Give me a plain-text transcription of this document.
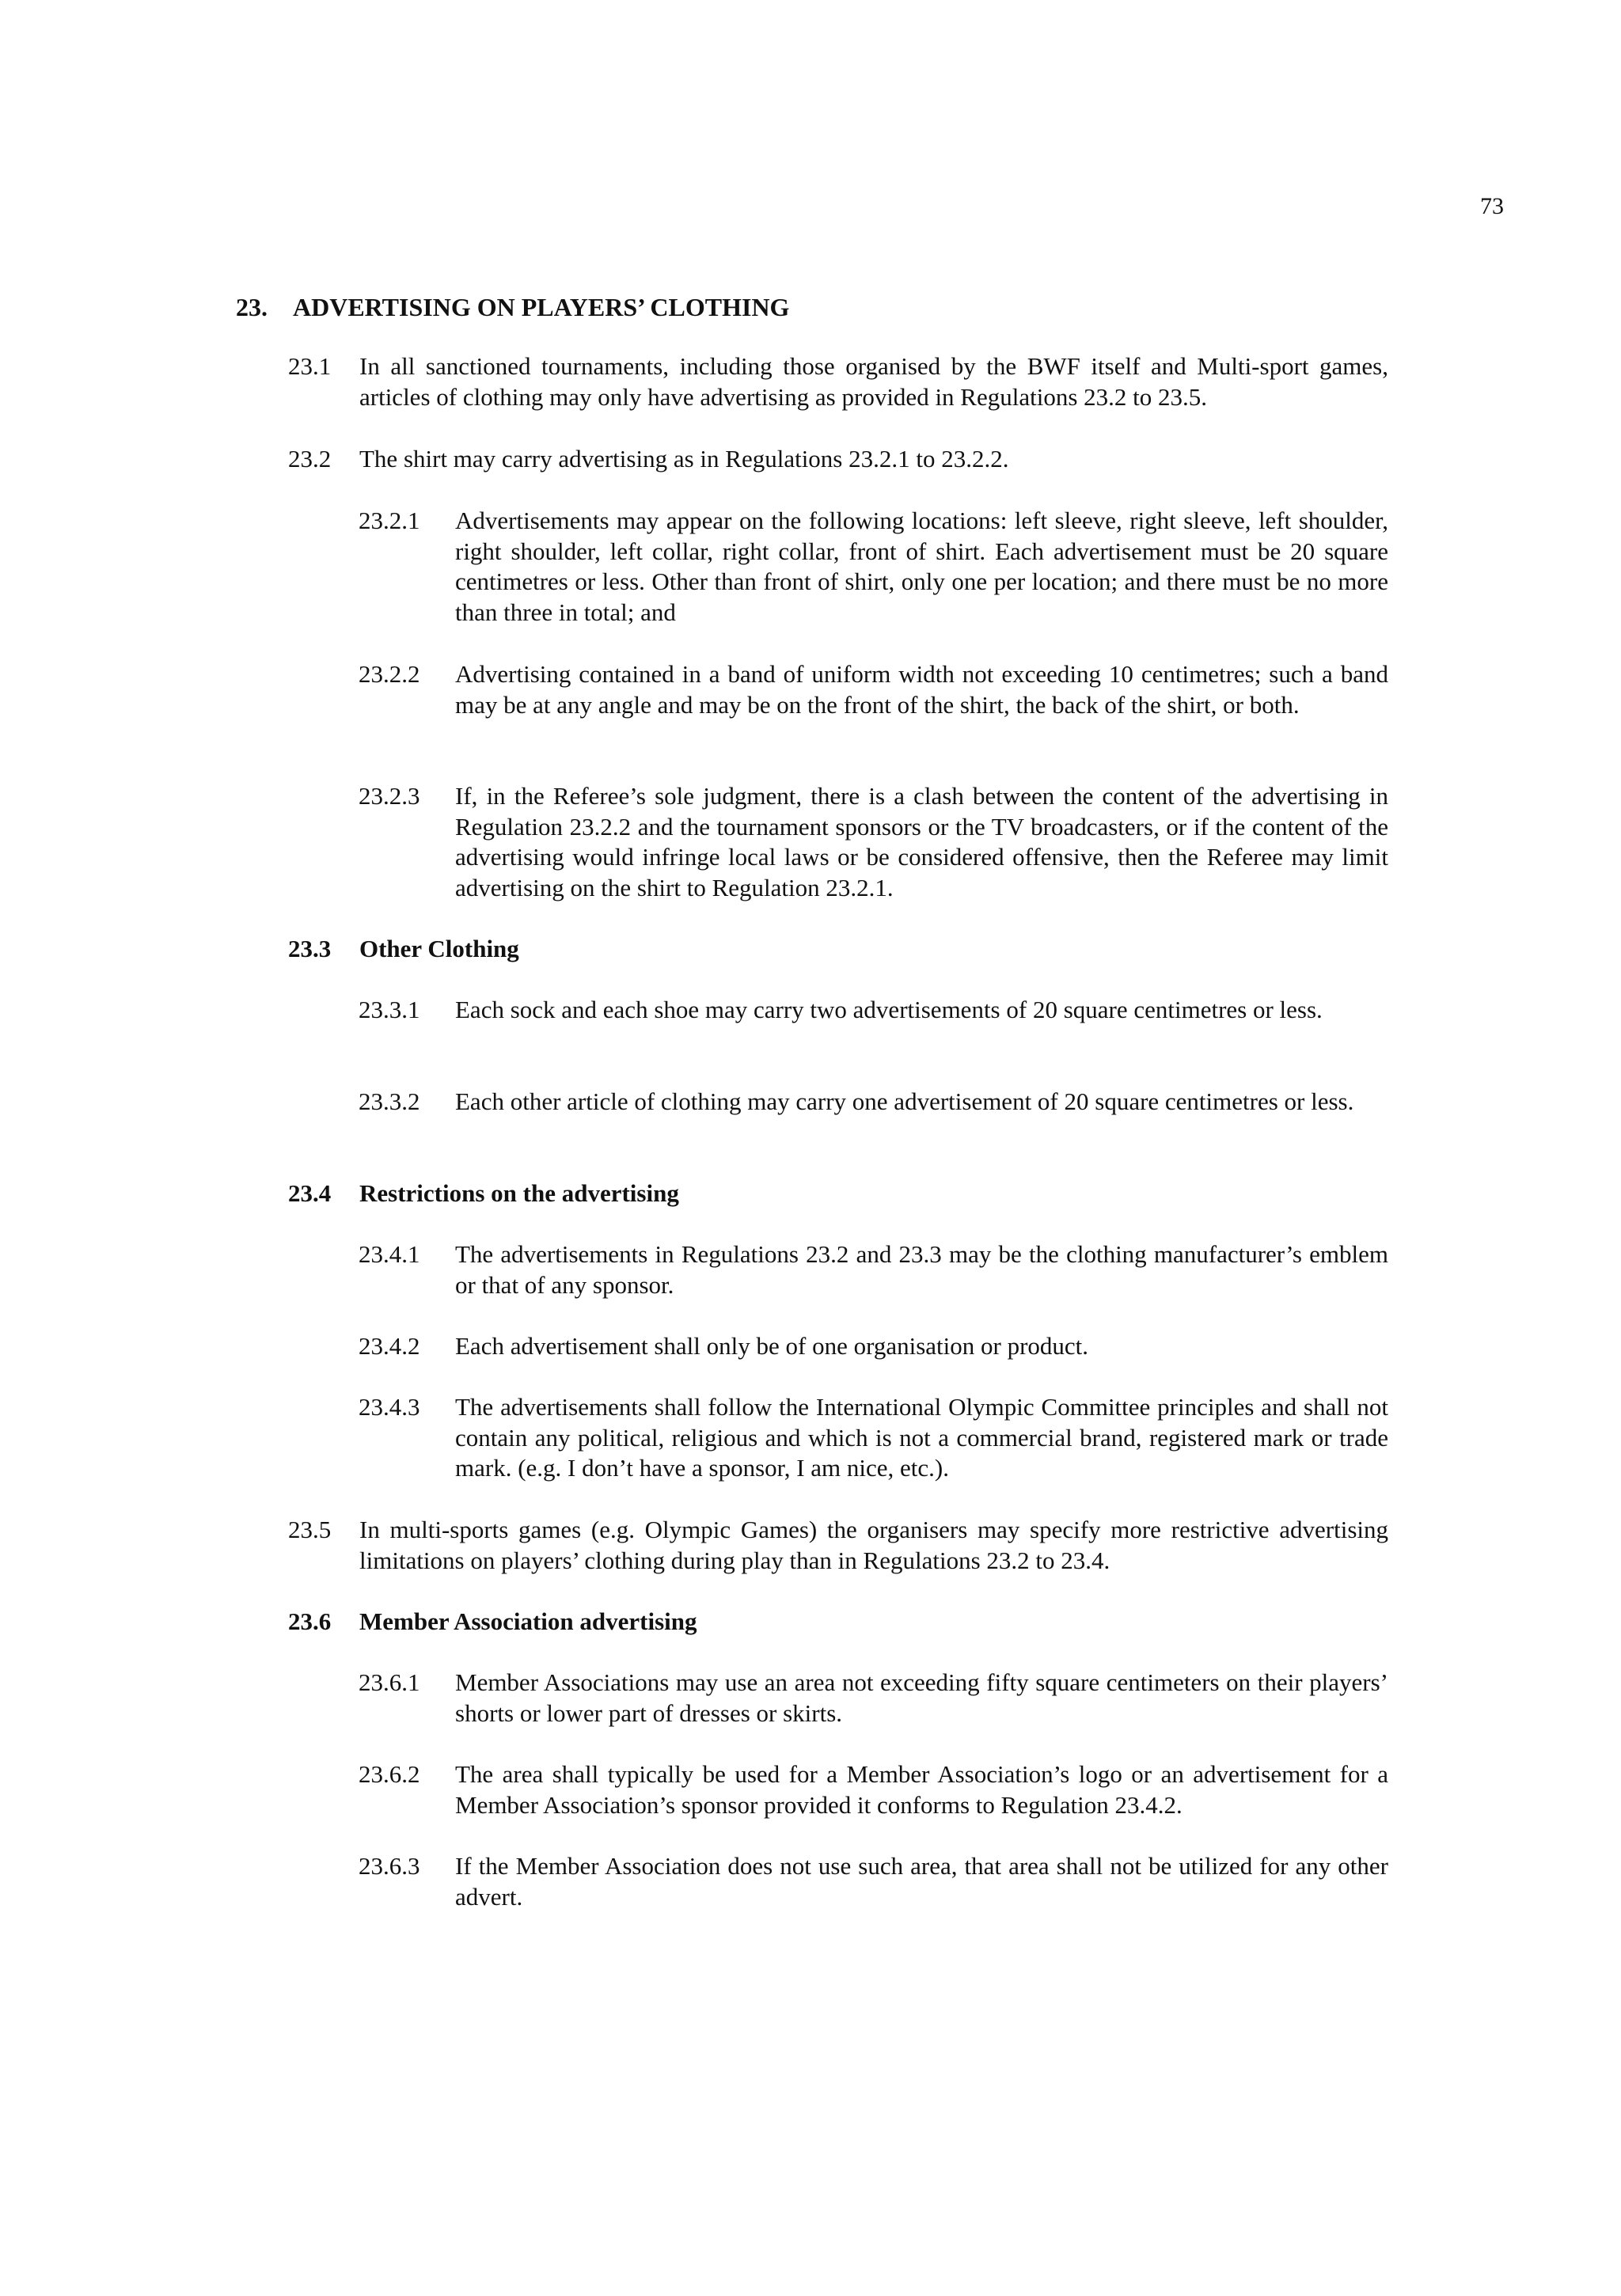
73
23. ADVERTISING ON PLAYERS’ CLOTHING
23.1 In all sanctioned tournaments, including those organised by the BWF itself and Multi-sport games, articles of clothing may only have advertising as provided in Regulations 23.2 to 23.5.
23.2 The shirt may carry advertising as in Regulations 23.2.1 to 23.2.2.
23.2.1 Advertisements may appear on the following locations: left sleeve, right sleeve, left shoulder, right shoulder, left collar, right collar, front of shirt. Each advertisement must be 20 square centimetres or less. Other than front of shirt, only one per location; and there must be no more than three in total; and
23.2.2 Advertising contained in a band of uniform width not exceeding 10 centimetres; such a band may be at any angle and may be on the front of the shirt, the back of the shirt, or both.
23.2.3 If, in the Referee’s sole judgment, there is a clash between the content of the advertising in Regulation 23.2.2 and the tournament sponsors or the TV broadcasters, or if the content of the advertising would infringe local laws or be considered offensive, then the Referee may limit advertising on the shirt to Regulation 23.2.1.
23.3 Other Clothing
23.3.1 Each sock and each shoe may carry two advertisements of 20 square centimetres or less.
23.3.2 Each other article of clothing may carry one advertisement of 20 square centimetres or less.
23.4 Restrictions on the advertising
23.4.1 The advertisements in Regulations 23.2 and 23.3 may be the clothing manufacturer’s emblem or that of any sponsor.
23.4.2 Each advertisement shall only be of one organisation or product.
23.4.3 The advertisements shall follow the International Olympic Committee principles and shall not contain any political, religious and which is not a commercial brand, registered mark or trade mark. (e.g. I don’t have a sponsor, I am nice, etc.).
23.5 In multi-sports games (e.g. Olympic Games) the organisers may specify more restrictive advertising limitations on players’ clothing during play than in Regulations 23.2 to 23.4.
23.6 Member Association advertising
23.6.1 Member Associations may use an area not exceeding fifty square centimeters on their players’ shorts or lower part of dresses or skirts.
23.6.2 The area shall typically be used for a Member Association’s logo or an advertisement for a Member Association’s sponsor provided it conforms to Regulation 23.4.2.
23.6.3 If the Member Association does not use such area, that area shall not be utilized for any other advert.
